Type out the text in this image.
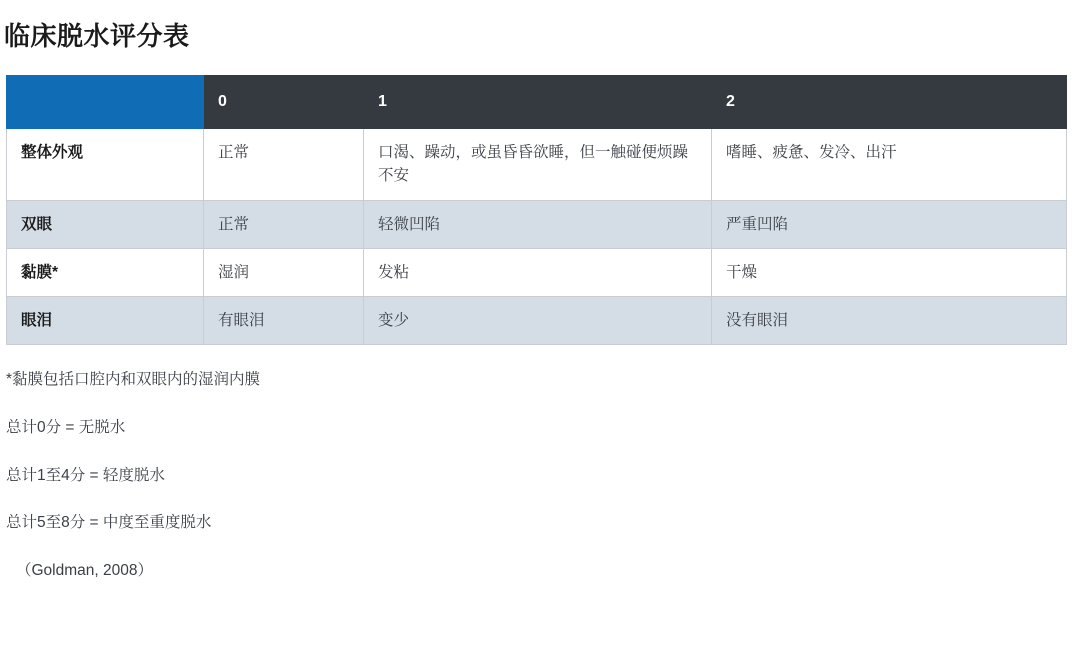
临床脱水评分表
	0	1	2
整体外观	正常	口渴、躁动，或虽昏昏欲睡，但一触碰便烦躁不安	嗜睡、疲惫、发冷、出汗
双眼	正常	轻微凹陷	严重凹陷
黏膜*	湿润	发粘	干燥
眼泪	有眼泪	变少	没有眼泪

*黏膜包括口腔内和双眼内的湿润内膜

总计0分 = 无脱水

总计1至4分 = 轻度脱水

总计5至8分 = 中度至重度脱水

（Goldman, 2008）
